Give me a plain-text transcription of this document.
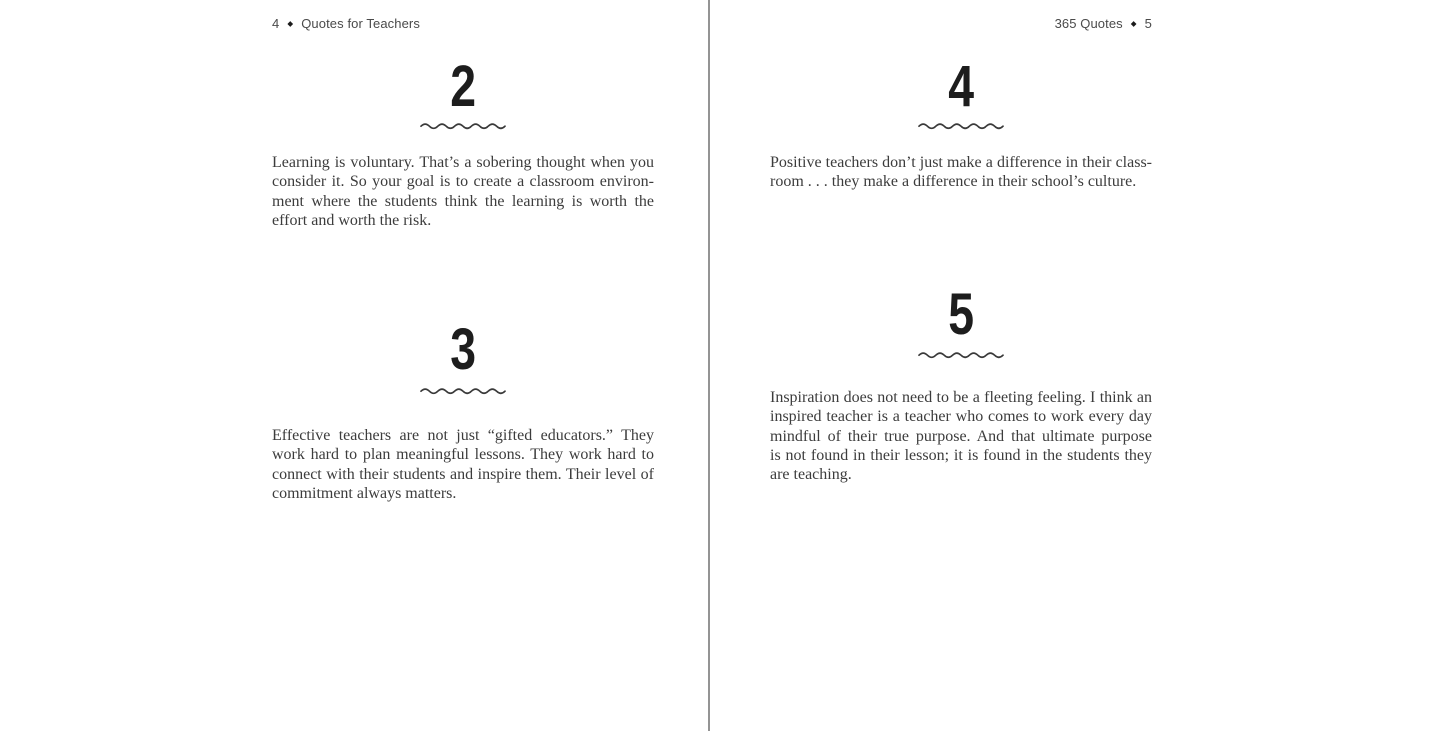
4 ◆ Quotes for Teachers
2
Learning is voluntary. That’s a sobering thought when you
consider it. So your goal is to create a classroom environ-
ment where the students think the learning is worth the
effort and worth the risk.
3
Effective teachers are not just “gifted educators.” They
work hard to plan meaningful lessons. They work hard to
connect with their students and inspire them. Their level of
commitment always matters.
365 Quotes ◆ 5
4
Positive teachers don’t just make a difference in their class-
room . . . they make a difference in their school’s culture.
5
Inspiration does not need to be a fleeting feeling. I think an
inspired teacher is a teacher who comes to work every day
mindful of their true purpose. And that ultimate purpose
is not found in their lesson; it is found in the students they
are teaching.
